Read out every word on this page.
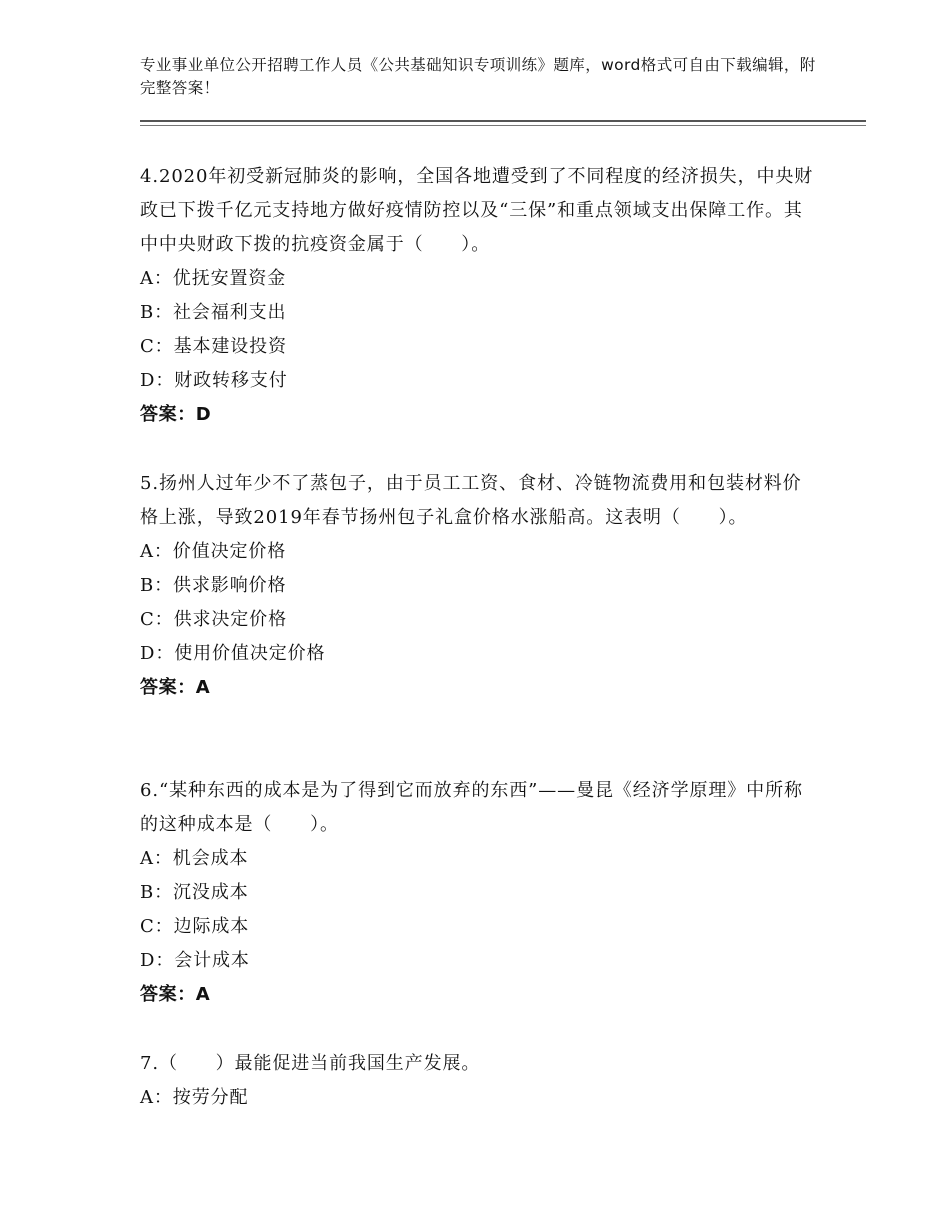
专业事业单位公开招聘工作人员《公共基础知识专项训练》题库，word格式可自由下载编辑，附完整答案！
4.2020年初受新冠肺炎的影响，全国各地遭受到了不同程度的经济损失，中央财政已下拨千亿元支持地方做好疫情防控以及“三保”和重点领域支出保障工作。其中中央财政下拨的抗疫资金属于（　　）。
A：优抚安置资金
B：社会福利支出
C：基本建设投资
D：财政转移支付
答案：D
5.扬州人过年少不了蒸包子，由于员工工资、食材、冷链物流费用和包装材料价格上涨，导致2019年春节扬州包子礼盒价格水涨船高。这表明（　　）。
A：价值决定价格
B：供求影响价格
C：供求决定价格
D：使用价值决定价格
答案：A
6.“某种东西的成本是为了得到它而放弃的东西”——曼昆《经济学原理》中所称的这种成本是（　　）。
A：机会成本
B：沉没成本
C：边际成本
D：会计成本
答案：A
7.（　　）最能促进当前我国生产发展。
A：按劳分配
